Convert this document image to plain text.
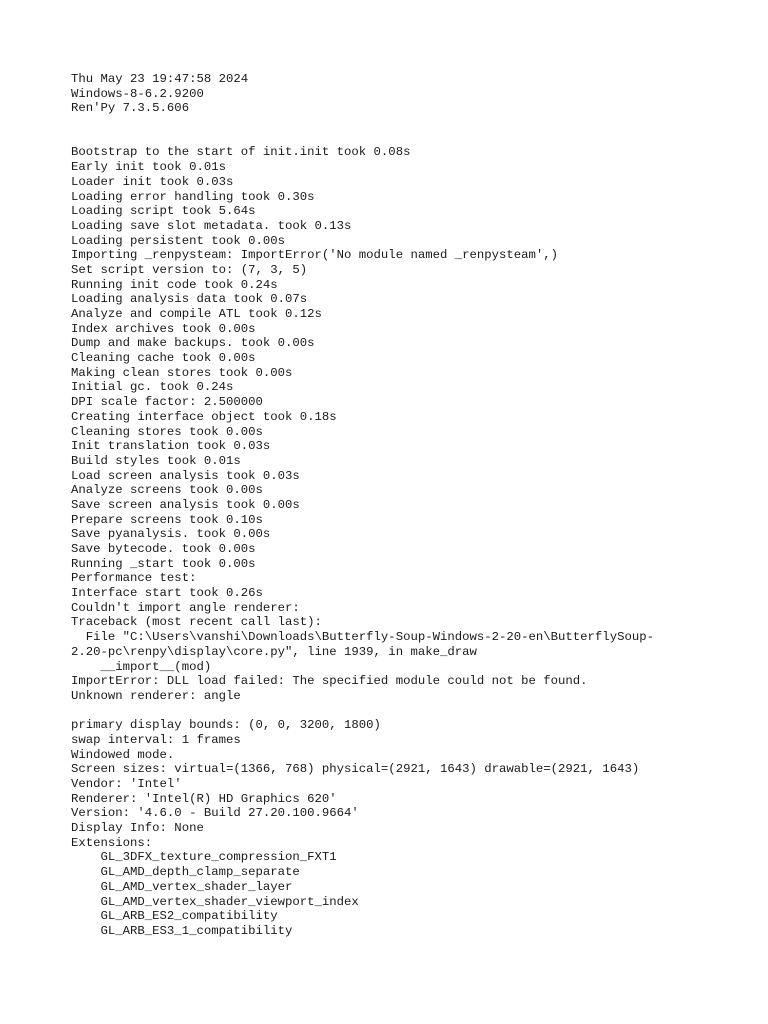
Thu May 23 19:47:58 2024
Windows-8-6.2.9200
Ren'Py 7.3.5.606
Bootstrap to the start of init.init took 0.08s
Early init took 0.01s
Loader init took 0.03s
Loading error handling took 0.30s
Loading script took 5.64s
Loading save slot metadata. took 0.13s
Loading persistent took 0.00s
Importing _renpysteam: ImportError('No module named _renpysteam',)
Set script version to: (7, 3, 5)
Running init code took 0.24s
Loading analysis data took 0.07s
Analyze and compile ATL took 0.12s
Index archives took 0.00s
Dump and make backups. took 0.00s
Cleaning cache took 0.00s
Making clean stores took 0.00s
Initial gc. took 0.24s
DPI scale factor: 2.500000
Creating interface object took 0.18s
Cleaning stores took 0.00s
Init translation took 0.03s
Build styles took 0.01s
Load screen analysis took 0.03s
Analyze screens took 0.00s
Save screen analysis took 0.00s
Prepare screens took 0.10s
Save pyanalysis. took 0.00s
Save bytecode. took 0.00s
Running _start took 0.00s
Performance test:
Interface start took 0.26s
Couldn't import angle renderer:
Traceback (most recent call last):
File "C:\Users\vanshi\Downloads\Butterfly-Soup-Windows-2-20-en\ButterflySoup-
2.20-pc\renpy\display\core.py", line 1939, in make_draw
__import__(mod)
ImportError: DLL load failed: The specified module could not be found.
Unknown renderer: angle
primary display bounds: (0, 0, 3200, 1800)
swap interval: 1 frames
Windowed mode.
Screen sizes: virtual=(1366, 768) physical=(2921, 1643) drawable=(2921, 1643)
Vendor: 'Intel'
Renderer: 'Intel(R) HD Graphics 620'
Version: '4.6.0 - Build 27.20.100.9664'
Display Info: None
Extensions:
GL_3DFX_texture_compression_FXT1
GL_AMD_depth_clamp_separate
GL_AMD_vertex_shader_layer
GL_AMD_vertex_shader_viewport_index
GL_ARB_ES2_compatibility
GL_ARB_ES3_1_compatibility
